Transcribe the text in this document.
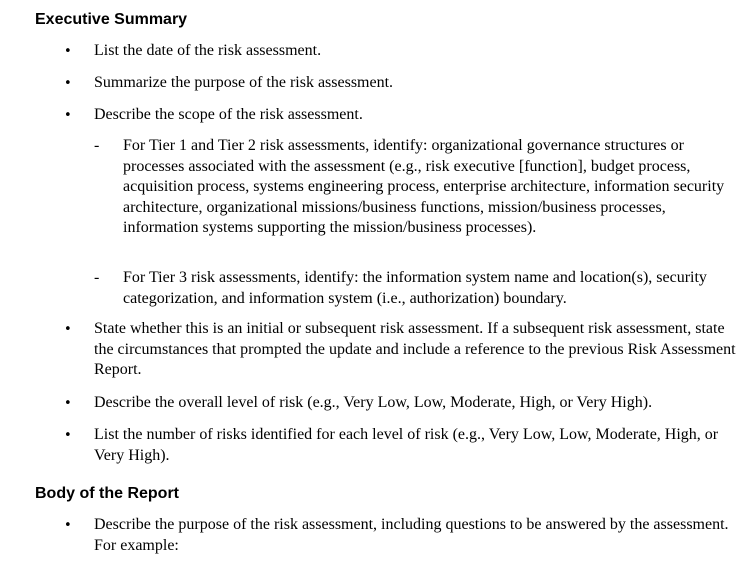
Executive Summary
• List the date of the risk assessment.
• Summarize the purpose of the risk assessment.
• Describe the scope of the risk assessment.
- For Tier 1 and Tier 2 risk assessments, identify: organizational governance structures or processes associated with the assessment (e.g., risk executive [function], budget process, acquisition process, systems engineering process, enterprise architecture, information security architecture, organizational missions/business functions, mission/business processes, information systems supporting the mission/business processes).
- For Tier 3 risk assessments, identify: the information system name and location(s), security categorization, and information system (i.e., authorization) boundary.
• State whether this is an initial or subsequent risk assessment. If a subsequent risk assessment, state the circumstances that prompted the update and include a reference to the previous Risk Assessment Report.
• Describe the overall level of risk (e.g., Very Low, Low, Moderate, High, or Very High).
• List the number of risks identified for each level of risk (e.g., Very Low, Low, Moderate, High, or Very High).
Body of the Report
• Describe the purpose of the risk assessment, including questions to be answered by the assessment. For example:
